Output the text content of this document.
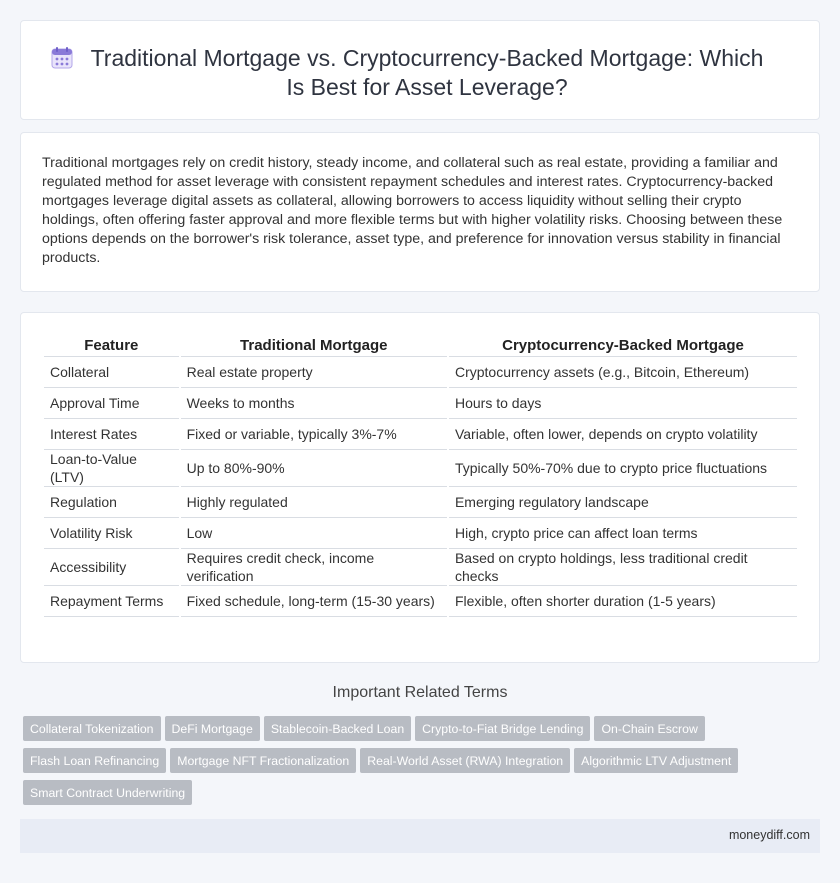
Traditional Mortgage vs. Cryptocurrency-Backed Mortgage: Which Is Best for Asset Leverage?

Traditional mortgages rely on credit history, steady income, and collateral such as real estate, providing a familiar and regulated method for asset leverage with consistent repayment schedules and interest rates. Cryptocurrency-backed mortgages leverage digital assets as collateral, allowing borrowers to access liquidity without selling their crypto holdings, often offering faster approval and more flexible terms but with higher volatility risks. Choosing between these options depends on the borrower's risk tolerance, asset type, and preference for innovation versus stability in financial products.

Feature	Traditional Mortgage	Cryptocurrency-Backed Mortgage
Collateral	Real estate property	Cryptocurrency assets (e.g., Bitcoin, Ethereum)
Approval Time	Weeks to months	Hours to days
Interest Rates	Fixed or variable, typically 3%-7%	Variable, often lower, depends on crypto volatility
Loan-to-Value (LTV)	Up to 80%-90%	Typically 50%-70% due to crypto price fluctuations
Regulation	Highly regulated	Emerging regulatory landscape
Volatility Risk	Low	High, crypto price can affect loan terms
Accessibility	Requires credit check, income verification	Based on crypto holdings, less traditional credit checks
Repayment Terms	Fixed schedule, long-term (15-30 years)	Flexible, often shorter duration (1-5 years)
Important Related Terms
Collateral Tokenization DeFi Mortgage Stablecoin-Backed Loan Crypto-to-Fiat Bridge Lending On-Chain Escrow
Flash Loan Refinancing Mortgage NFT Fractionalization Real-World Asset (RWA) Integration Algorithmic LTV Adjustment
Smart Contract Underwriting
moneydiff.com
